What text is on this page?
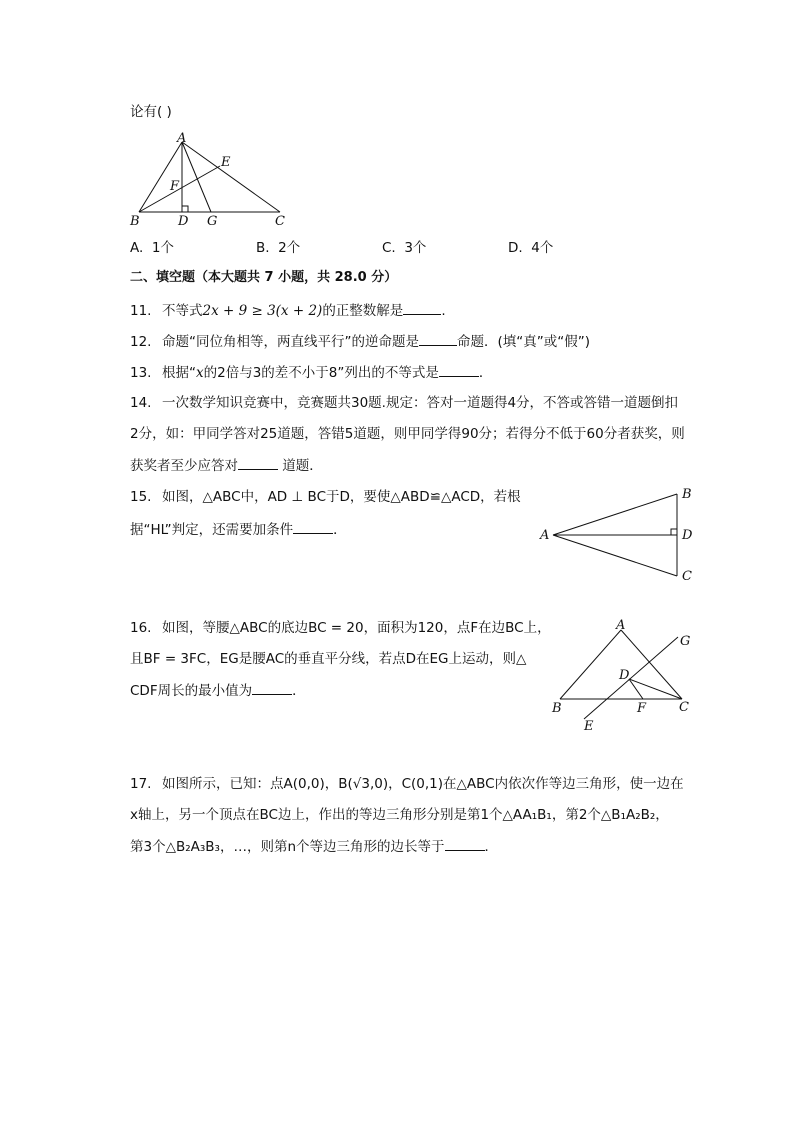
论有( )
A
E
F
B	D G	C
A. 1个	B. 2个	C. 3个	D. 4个
二、填空题（本大题共 7 小题，共 28.0 分）
11. 不等式2x + 9 ≥ 3(x + 2)的正整数解是	.
12. 命题“同位角相等，两直线平行”的逆命题是	命题．(填“真”或“假”)
13. 根据“x的2倍与3的差不小于8”列出的不等式是	．
14. 一次数学知识竞赛中，竞赛题共30题.规定：答对一道题得4分，不答或答错一道题倒扣
2分，如：甲同学答对25道题，答错5道题，则甲同学得90分；若得分不低于60分者获奖，则
获奖者至少应答对	道题．
15. 如图，△ABC中，AD ⊥ BC于D，要使△ABD≌△ACD，若根
据“HL”判定，还需要加条件	．	A
B
D
C
16. 如图，等腰△ABC的底边BC = 20，面积为120，点F在边BC上，
且BF = 3FC，EG是腰AC的垂直平分线，若点D在EG上运动，则△
CDF周长的最小值为	．
A
G
D
B	F	C
E
17. 如图所示，已知：点A(0,0)，B(√3,0)，C(0,1)在△ABC内依次作等边三角形，使一边在
x轴上，另一个顶点在BC边上，作出的等边三角形分别是第1个△AA₁B₁，第2个△B₁A₂B₂，
第3个△B₂A₃B₃，…，则第n个等边三角形的边长等于	．
